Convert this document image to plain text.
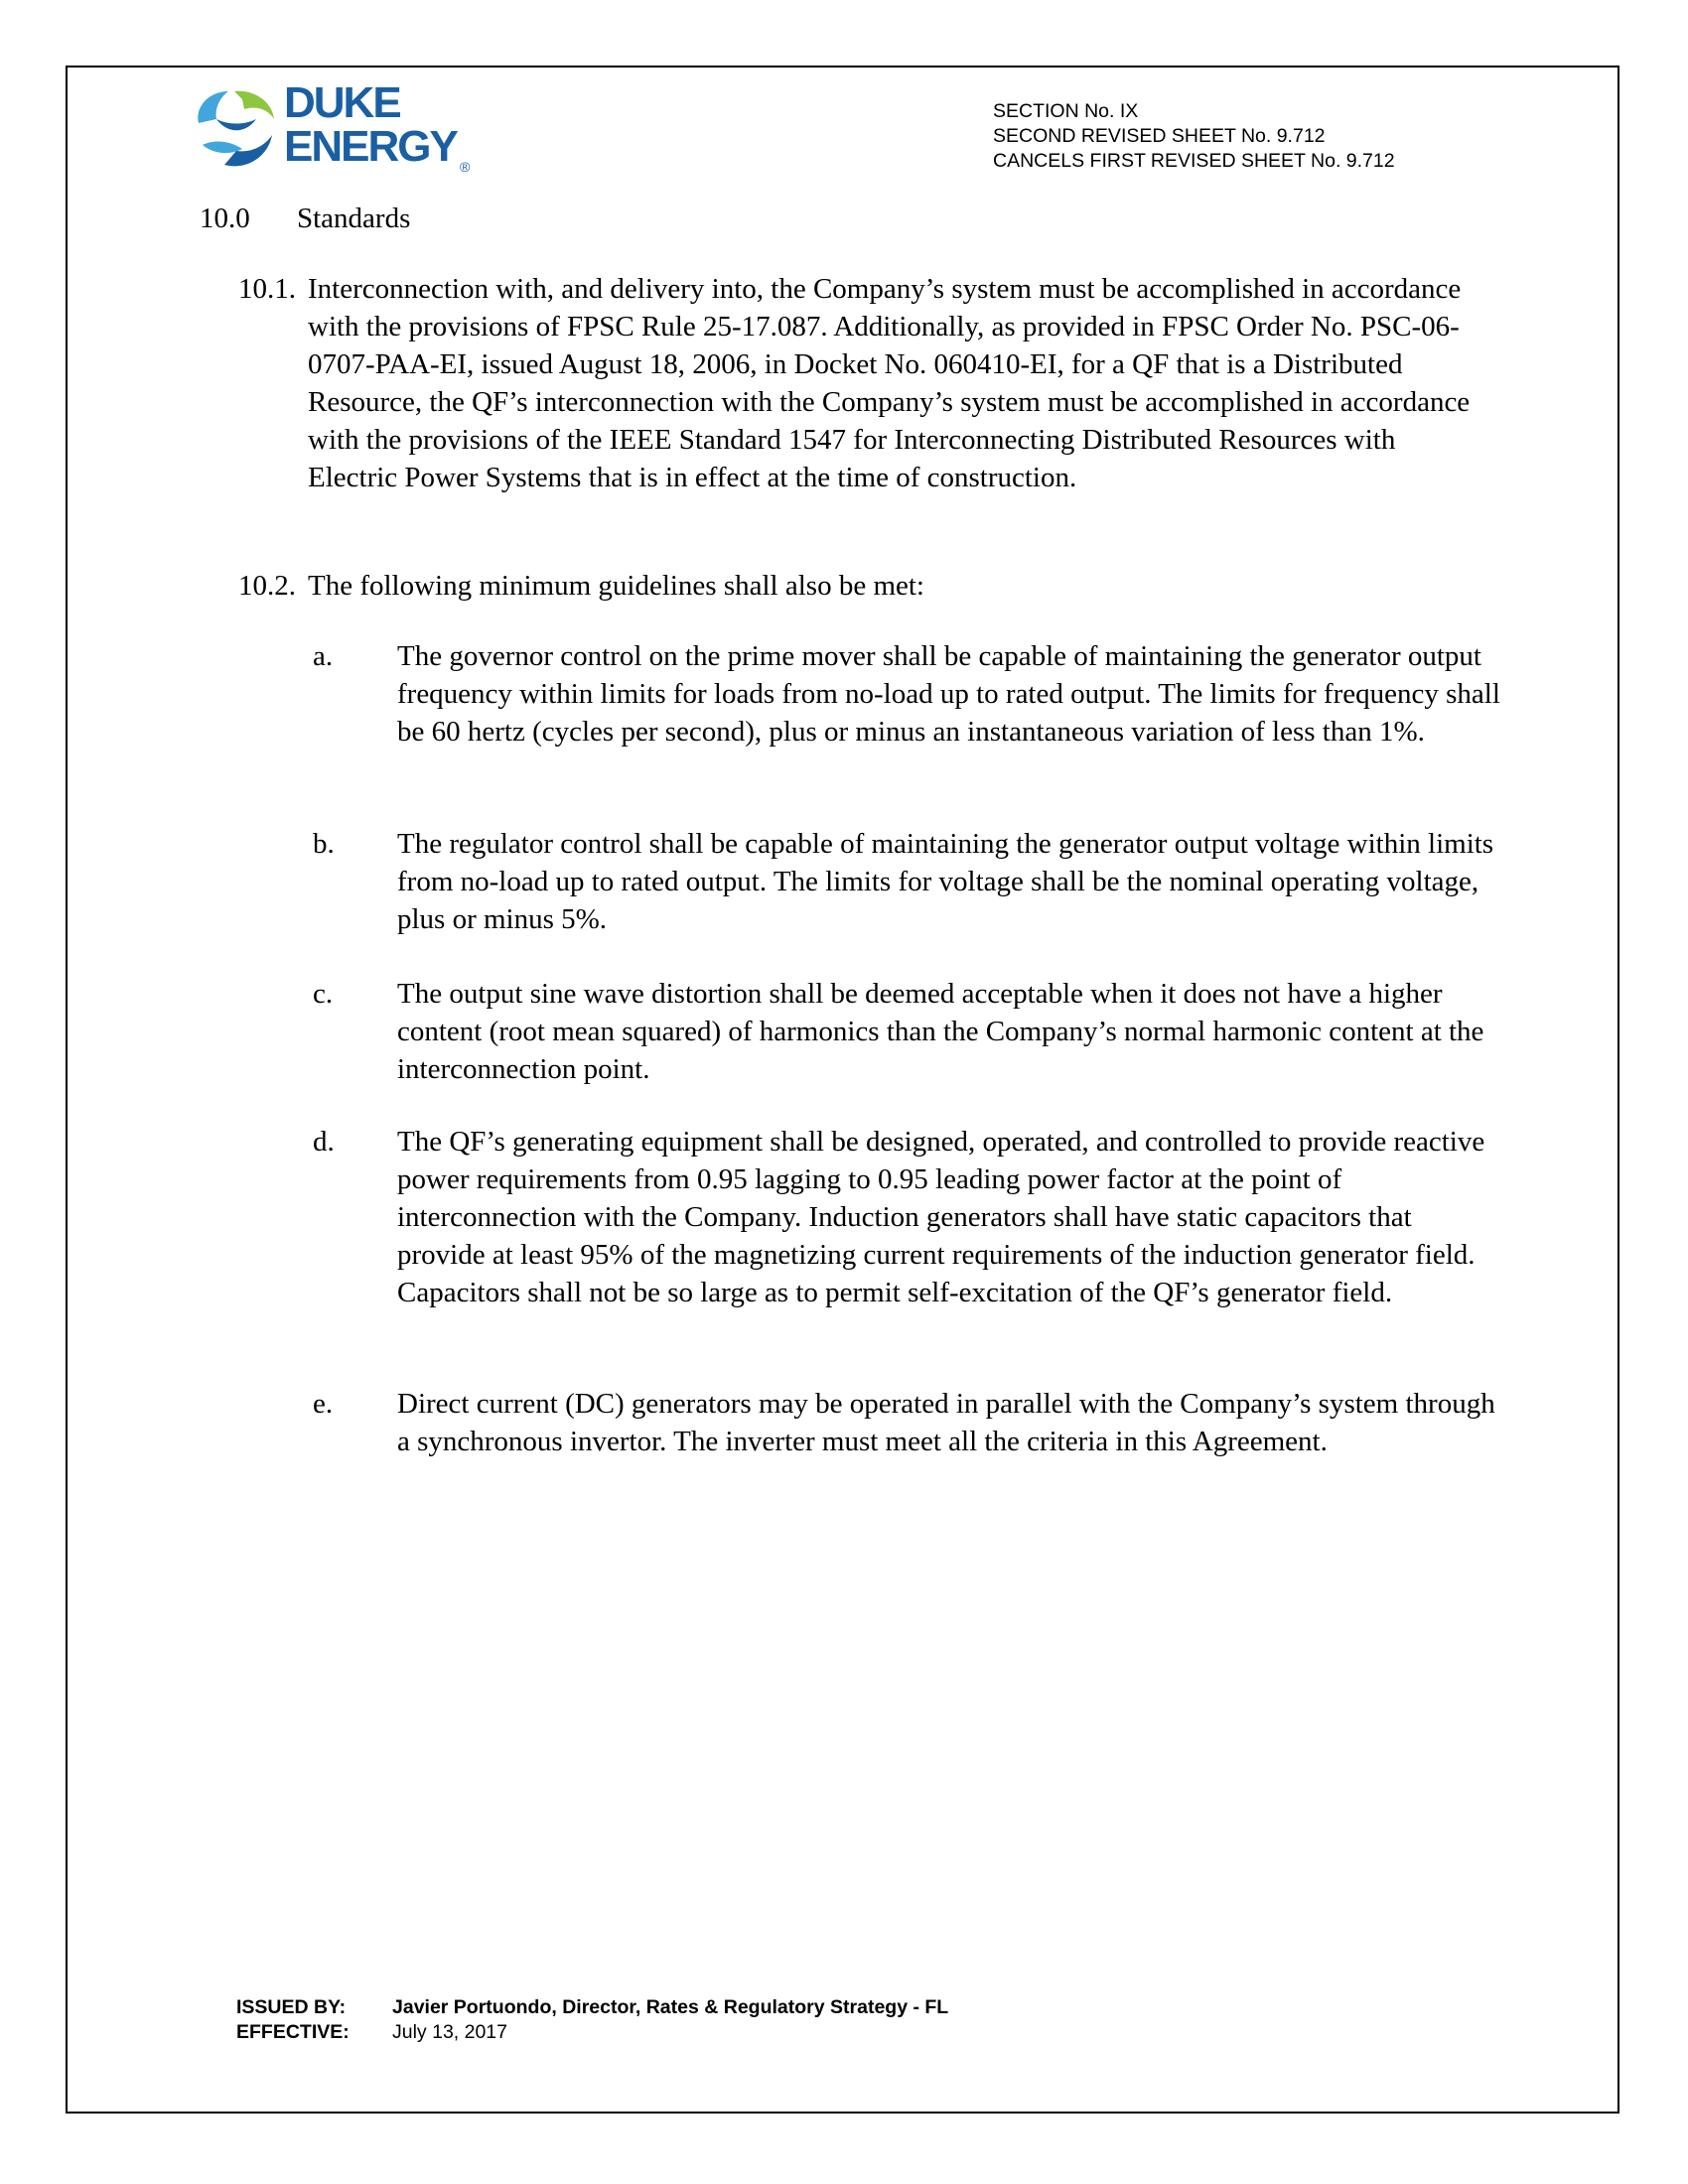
DUKE
ENERGY ®
SECTION No. IX
SECOND REVISED SHEET No. 9.712
CANCELS FIRST REVISED SHEET No. 9.712
10.0 Standards
10.1. Interconnection with, and delivery into, the Company’s system must be accomplished in accordance with the provisions of FPSC Rule 25-17.087. Additionally, as provided in FPSC Order No. PSC-06-0707-PAA-EI, issued August 18, 2006, in Docket No. 060410-EI, for a QF that is a Distributed Resource, the QF’s interconnection with the Company’s system must be accomplished in accordance with the provisions of the IEEE Standard 1547 for Interconnecting Distributed Resources with Electric Power Systems that is in effect at the time of construction.
10.2. The following minimum guidelines shall also be met:
a. The governor control on the prime mover shall be capable of maintaining the generator output frequency within limits for loads from no-load up to rated output. The limits for frequency shall be 60 hertz (cycles per second), plus or minus an instantaneous variation of less than 1%.
b. The regulator control shall be capable of maintaining the generator output voltage within limits from no-load up to rated output. The limits for voltage shall be the nominal operating voltage, plus or minus 5%.
c. The output sine wave distortion shall be deemed acceptable when it does not have a higher content (root mean squared) of harmonics than the Company’s normal harmonic content at the interconnection point.
d. The QF’s generating equipment shall be designed, operated, and controlled to provide reactive power requirements from 0.95 lagging to 0.95 leading power factor at the point of interconnection with the Company. Induction generators shall have static capacitors that provide at least 95% of the magnetizing current requirements of the induction generator field. Capacitors shall not be so large as to permit self-excitation of the QF’s generator field.
e. Direct current (DC) generators may be operated in parallel with the Company’s system through a synchronous invertor. The inverter must meet all the criteria in this Agreement.
ISSUED BY: Javier Portuondo, Director, Rates & Regulatory Strategy - FL
EFFECTIVE: July 13, 2017
